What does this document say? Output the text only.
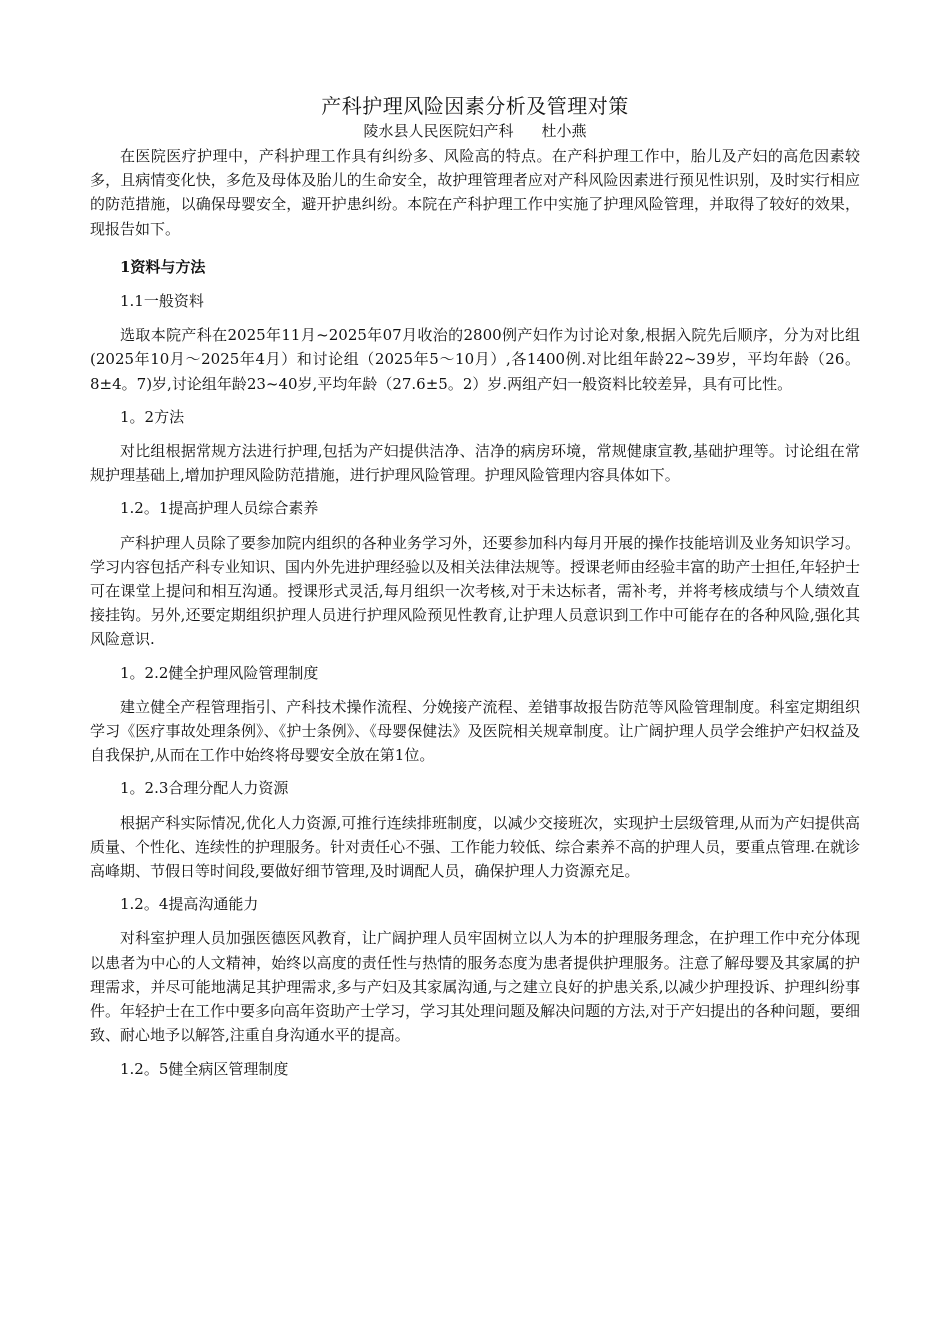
产科护理风险因素分析及管理对策
陵水县人民医院妇产科 杜小燕

在医院医疗护理中，产科护理工作具有纠纷多、风险高的特点。在产科护理工作中，胎儿及产妇的高危因素较多，且病情变化快，多危及母体及胎儿的生命安全，故护理管理者应对产科风险因素进行预见性识别，及时实行相应的防范措施，以确保母婴安全，避开护患纠纷。本院在产科护理工作中实施了护理风险管理，并取得了较好的效果，现报告如下。

1资料与方法
1.1一般资料

选取本院产科在2025年11月~2025年07月收治的2800例产妇作为讨论对象,根据入院先后顺序，分为对比组(2025年10月～2025年4月）和讨论组（2025年5～10月）,各1400例.对比组年龄22~39岁，平均年龄（26。8±4。7)岁,讨论组年龄23~40岁,平均年龄（27.6±5。2）岁.两组产妇一般资料比较差异，具有可比性。

1。2方法

对比组根据常规方法进行护理,包括为产妇提供洁净、洁净的病房环境，常规健康宣教,基础护理等。讨论组在常规护理基础上,增加护理风险防范措施，进行护理风险管理。护理风险管理内容具体如下。

1.2。1提高护理人员综合素养

产科护理人员除了要参加院内组织的各种业务学习外，还要参加科内每月开展的操作技能培训及业务知识学习。学习内容包括产科专业知识、国内外先进护理经验以及相关法律法规等。授课老师由经验丰富的助产士担任,年轻护士可在课堂上提问和相互沟通。授课形式灵活,每月组织一次考核,对于未达标者，需补考，并将考核成绩与个人绩效直接挂钩。另外,还要定期组织护理人员进行护理风险预见性教育,让护理人员意识到工作中可能存在的各种风险,强化其风险意识.

1。2.2健全护理风险管理制度

建立健全产程管理指引、产科技术操作流程、分娩接产流程、差错事故报告防范等风险管理制度。科室定期组织学习《医疗事故处理条例》、《护士条例》、《母婴保健法》及医院相关规章制度。让广阔护理人员学会维护产妇权益及自我保护,从而在工作中始终将母婴安全放在第1位。

1。2.3合理分配人力资源

根据产科实际情况,优化人力资源,可推行连续排班制度，以减少交接班次，实现护士层级管理,从而为产妇提供高质量、个性化、连续性的护理服务。针对责任心不强、工作能力较低、综合素养不高的护理人员，要重点管理.在就诊高峰期、节假日等时间段,要做好细节管理,及时调配人员，确保护理人力资源充足。

1.2。4提高沟通能力

对科室护理人员加强医德医风教育，让广阔护理人员牢固树立以人为本的护理服务理念，在护理工作中充分体现以患者为中心的人文精神，始终以高度的责任性与热情的服务态度为患者提供护理服务。注意了解母婴及其家属的护理需求，并尽可能地满足其护理需求,多与产妇及其家属沟通,与之建立良好的护患关系,以减少护理投诉、护理纠纷事件。年轻护士在工作中要多向高年资助产士学习，学习其处理问题及解决问题的方法,对于产妇提出的各种问题，要细致、耐心地予以解答,注重自身沟通水平的提高。

1.2。5健全病区管理制度
